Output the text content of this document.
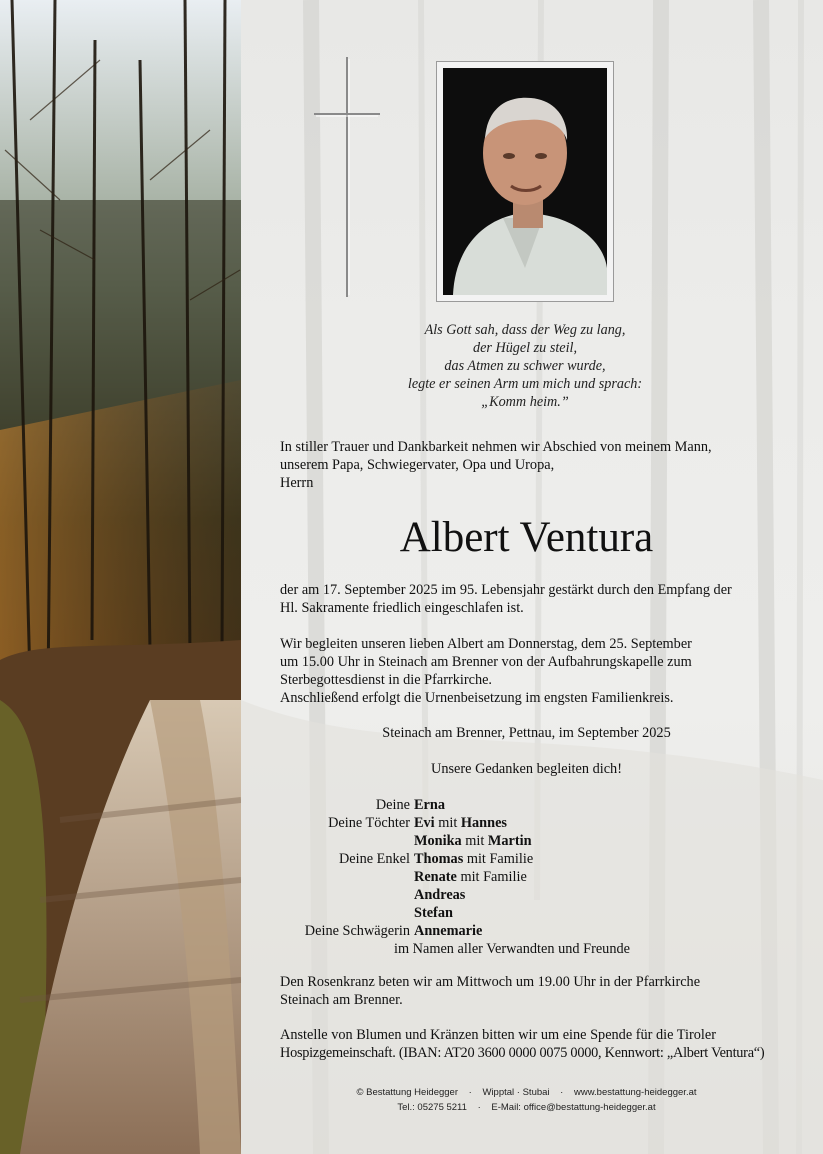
Als Gott sah, dass der Weg zu lang,
der Hügel zu steil,
das Atmen zu schwer wurde,
legte er seinen Arm um mich und sprach:
„Komm heim.”
In stiller Trauer und Dankbarkeit nehmen wir Abschied von meinem Mann,
unserem Papa, Schwiegervater, Opa und Uropa,
Herrn
Albert Ventura
der am 17. September 2025 im 95. Lebensjahr gestärkt durch den Empfang der
Hl. Sakramente friedlich eingeschlafen ist.
Wir begleiten unseren lieben Albert am Donnerstag, dem 25. September
um 15.00 Uhr in Steinach am Brenner von der Aufbahrungskapelle zum
Sterbegottesdienst in die Pfarrkirche.
Anschließend erfolgt die Urnenbeisetzung im engsten Familienkreis.
Steinach am Brenner, Pettnau, im September 2025
Unsere Gedanken begleiten dich!
Deine Erna
Deine Töchter Evi mit Hannes
Monika mit Martin
Deine Enkel Thomas mit Familie
Renate mit Familie
Andreas
Stefan
Deine Schwägerin Annemarie
im Namen aller Verwandten und Freunde
Den Rosenkranz beten wir am Mittwoch um 19.00 Uhr in der Pfarrkirche
Steinach am Brenner.
Anstelle von Blumen und Kränzen bitten wir um eine Spende für die Tiroler
Hospizgemeinschaft. (IBAN: AT20 3600 0000 0075 0000, Kennwort: „Albert Ventura“)
© Bestattung Heidegger · Wipptal · Stubai · www.bestattung-heidegger.at
Tel.: 05275 5211 · E-Mail: office@bestattung-heidegger.at
